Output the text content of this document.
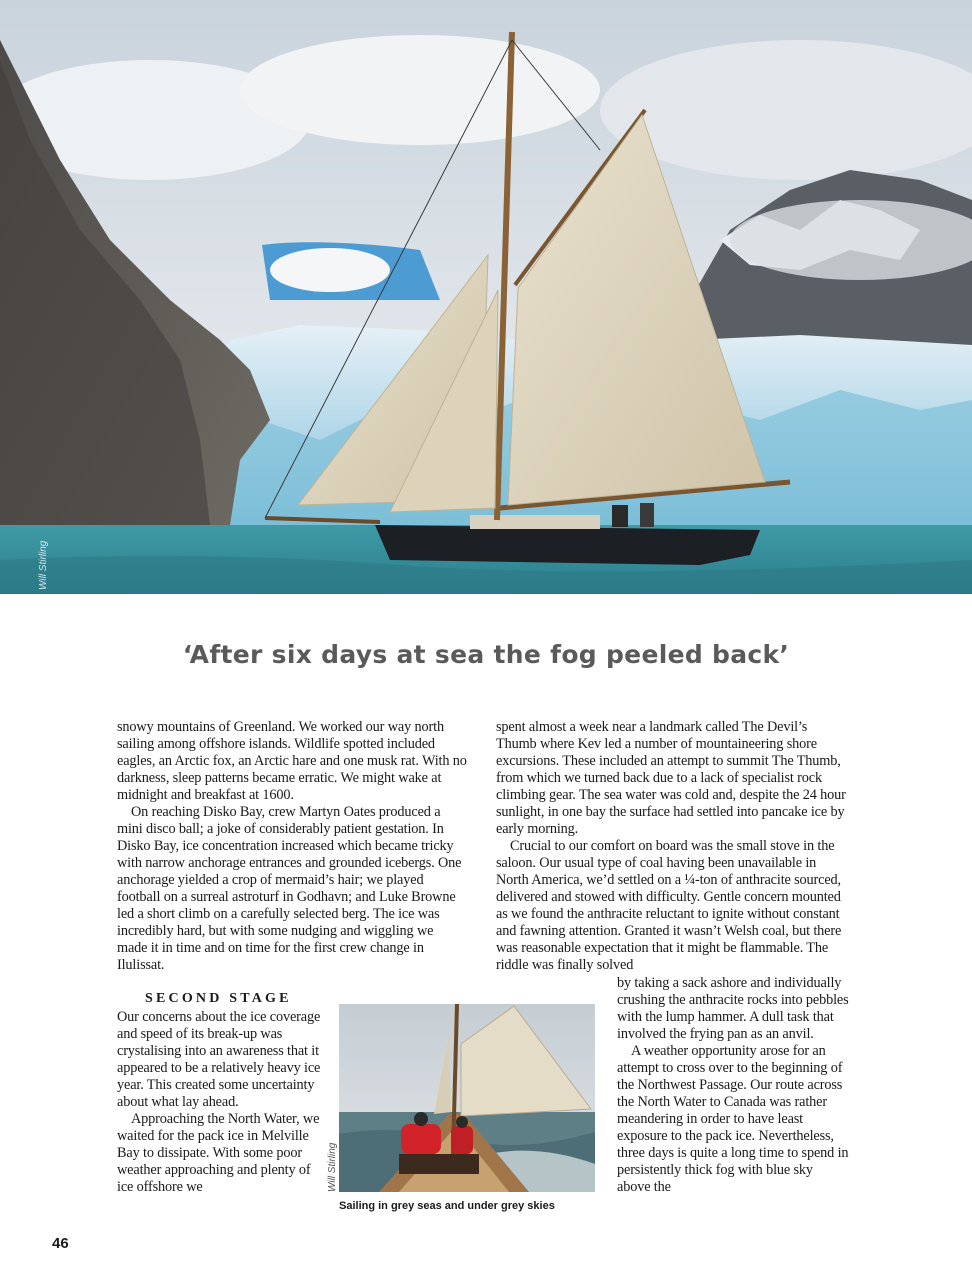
Will Stirling
‘After six days at sea the fog peeled back’

snowy mountains of Greenland. We worked our way north sailing among offshore islands. Wildlife spotted included eagles, an Arctic fox, an Arctic hare and one musk rat. With no darkness, sleep patterns became erratic. We might wake at midnight and breakfast at 1600.

On reaching Disko Bay, crew Martyn Oates produced a mini disco ball; a joke of considerably patient gestation. In Disko Bay, ice concentration increased which became tricky with narrow anchorage entrances and grounded icebergs. One anchorage yielded a crop of mermaid’s hair; we played football on a surreal astroturf in Godhavn; and Luke Browne led a short climb on a carefully selected berg. The ice was incredibly hard, but with some nudging and wiggling we made it in time and on time for the first crew change in Ilulissat.

SECOND STAGE

Our concerns about the ice coverage and speed of its break-up was crystalising into an awareness that it appeared to be a relatively heavy ice year. This created some uncertainty about what lay ahead.

Approaching the North Water, we waited for the pack ice in Melville Bay to dissipate. With some poor weather approaching and plenty of ice offshore we

spent almost a week near a landmark called The Devil’s Thumb where Kev led a number of mountaineering shore excursions. These included an attempt to summit The Thumb, from which we turned back due to a lack of specialist rock climbing gear. The sea water was cold and, despite the 24 hour sunlight, in one bay the surface had settled into pancake ice by early morning.

Crucial to our comfort on board was the small stove in the saloon. Our usual type of coal having been unavailable in North America, we’d settled on a ¼-ton of anthracite sourced, delivered and stowed with difficulty. Gentle concern mounted as we found the anthracite reluctant to ignite without constant and fawning attention. Granted it wasn’t Welsh coal, but there was reasonable expectation that it might be flammable. The riddle was finally solved

by taking a sack ashore and individually crushing the anthracite rocks into pebbles with the lump hammer. A dull task that involved the frying pan as an anvil.

A weather opportunity arose for an attempt to cross over to the beginning of the Northwest Passage. Our route across the North Water to Canada was rather meandering in order to have least exposure to the pack ice. Nevertheless, three days is quite a long time to spend in persistently thick fog with blue sky above the

Will Stirling
Sailing in grey seas and under grey skies
46
